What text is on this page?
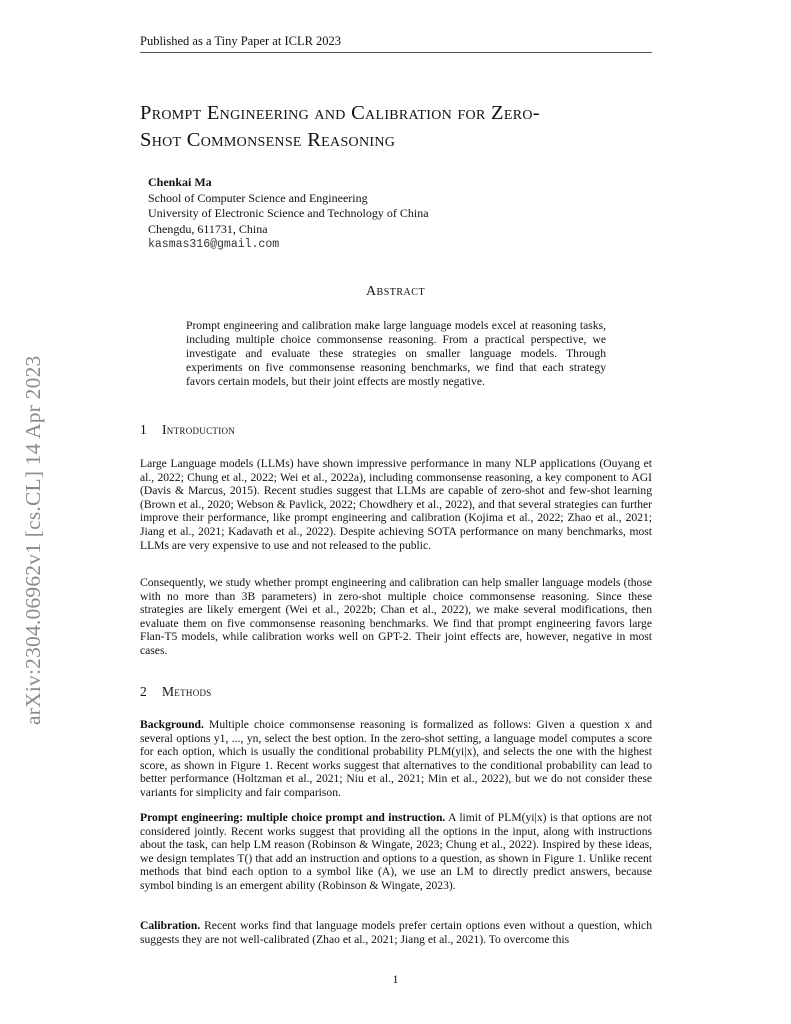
Published as a Tiny Paper at ICLR 2023
arXiv:2304.06962v1 [cs.CL] 14 Apr 2023
Prompt Engineering and Calibration for Zero-
Shot Commonsense Reasoning
Chenkai Ma
School of Computer Science and Engineering
University of Electronic Science and Technology of China
Chengdu, 611731, China
kasmas316@gmail.com
Abstract
Prompt engineering and calibration make large language models excel at reasoning tasks, including multiple choice commonsense reasoning. From a practical perspective, we investigate and evaluate these strategies on smaller language models. Through experiments on five commonsense reasoning benchmarks, we find that each strategy favors certain models, but their joint effects are mostly negative.
1 Introduction
Large Language models (LLMs) have shown impressive performance in many NLP applications (Ouyang et al., 2022; Chung et al., 2022; Wei et al., 2022a), including commonsense reasoning, a key component to AGI (Davis & Marcus, 2015). Recent studies suggest that LLMs are capable of zero-shot and few-shot learning (Brown et al., 2020; Webson & Pavlick, 2022; Chowdhery et al., 2022), and that several strategies can further improve their performance, like prompt engineering and calibration (Kojima et al., 2022; Zhao et al., 2021; Jiang et al., 2021; Kadavath et al., 2022). Despite achieving SOTA performance on many benchmarks, most LLMs are very expensive to use and not released to the public.
Consequently, we study whether prompt engineering and calibration can help smaller language models (those with no more than 3B parameters) in zero-shot multiple choice commonsense reasoning. Since these strategies are likely emergent (Wei et al., 2022b; Chan et al., 2022), we make several modifications, then evaluate them on five commonsense reasoning benchmarks. We find that prompt engineering favors large Flan-T5 models, while calibration works well on GPT-2. Their joint effects are, however, negative in most cases.
2 Methods
Background. Multiple choice commonsense reasoning is formalized as follows: Given a question x and several options y1, ..., yn, select the best option. In the zero-shot setting, a language model computes a score for each option, which is usually the conditional probability PLM(yi|x), and selects the one with the highest score, as shown in Figure 1. Recent works suggest that alternatives to the conditional probability can lead to better performance (Holtzman et al., 2021; Niu et al., 2021; Min et al., 2022), but we do not consider these variants for simplicity and fair comparison.
Prompt engineering: multiple choice prompt and instruction. A limit of PLM(yi|x) is that options are not considered jointly. Recent works suggest that providing all the options in the input, along with instructions about the task, can help LM reason (Robinson & Wingate, 2023; Chung et al., 2022). Inspired by these ideas, we design templates T() that add an instruction and options to a question, as shown in Figure 1. Unlike recent methods that bind each option to a symbol like (A), we use an LM to directly predict answers, because symbol binding is an emergent ability (Robinson & Wingate, 2023).
Calibration. Recent works find that language models prefer certain options even without a question, which suggests they are not well-calibrated (Zhao et al., 2021; Jiang et al., 2021). To overcome this
1
